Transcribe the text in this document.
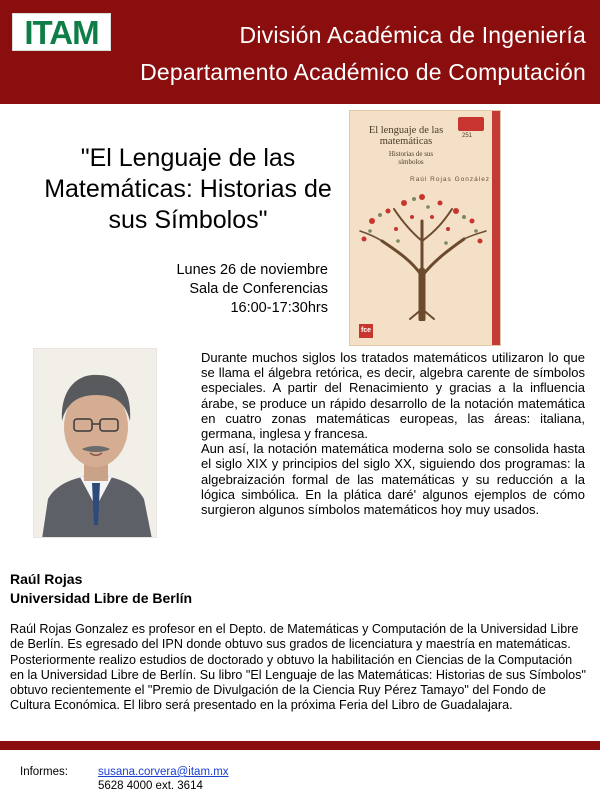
ITAM	División Académica de Ingeniería
Departamento Académico de Computación
"El Lenguaje de las Matemáticas: Historias de sus Símbolos"
Lunes 26 de noviembre
Sala de Conferencias
16:00-17:30hrs
251
El lenguaje de las matemáticas
Historias de sus símbolos
Raúl Rojas González
fce
Durante muchos siglos los tratados matemáticos utilizaron lo que se llama el álgebra retórica, es decir, algebra carente de símbolos especiales. A partir del Renacimiento y gracias a la influencia árabe, se produce un rápido desarrollo de la notación matemática en cuatro zonas matemáticas europeas, las áreas: italiana, germana, inglesa y francesa.
Aun así, la notación matemática moderna solo se consolida hasta el siglo XIX y principios del siglo XX, siguiendo dos programas: la algebraización formal de las matemáticas y su reducción a la lógica simbólica. En la plática daré' algunos ejemplos de cómo surgieron algunos símbolos matemáticos hoy muy usados.
Raúl Rojas
Universidad Libre de Berlín
Raúl Rojas Gonzalez es profesor en el Depto. de Matemáticas y Computación de la Universidad Libre de Berlín. Es egresado del IPN donde obtuvo sus grados de licenciatura y maestría en matemáticas. Posteriormente realizo estudios de doctorado y obtuvo la habilitación en Ciencias de la Computación en la Universidad Libre de Berlín. Su libro "El Lenguaje de las Matemáticas: Historias de sus Símbolos" obtuvo recientemente el "Premio de Divulgación de la Ciencia Ruy Pérez Tamayo" del Fondo de Cultura Económica. El libro será presentado en la próxima Feria del Libro de Guadalajara.
Informes:	susana.corvera@itam.mx
5628 4000 ext. 3614
